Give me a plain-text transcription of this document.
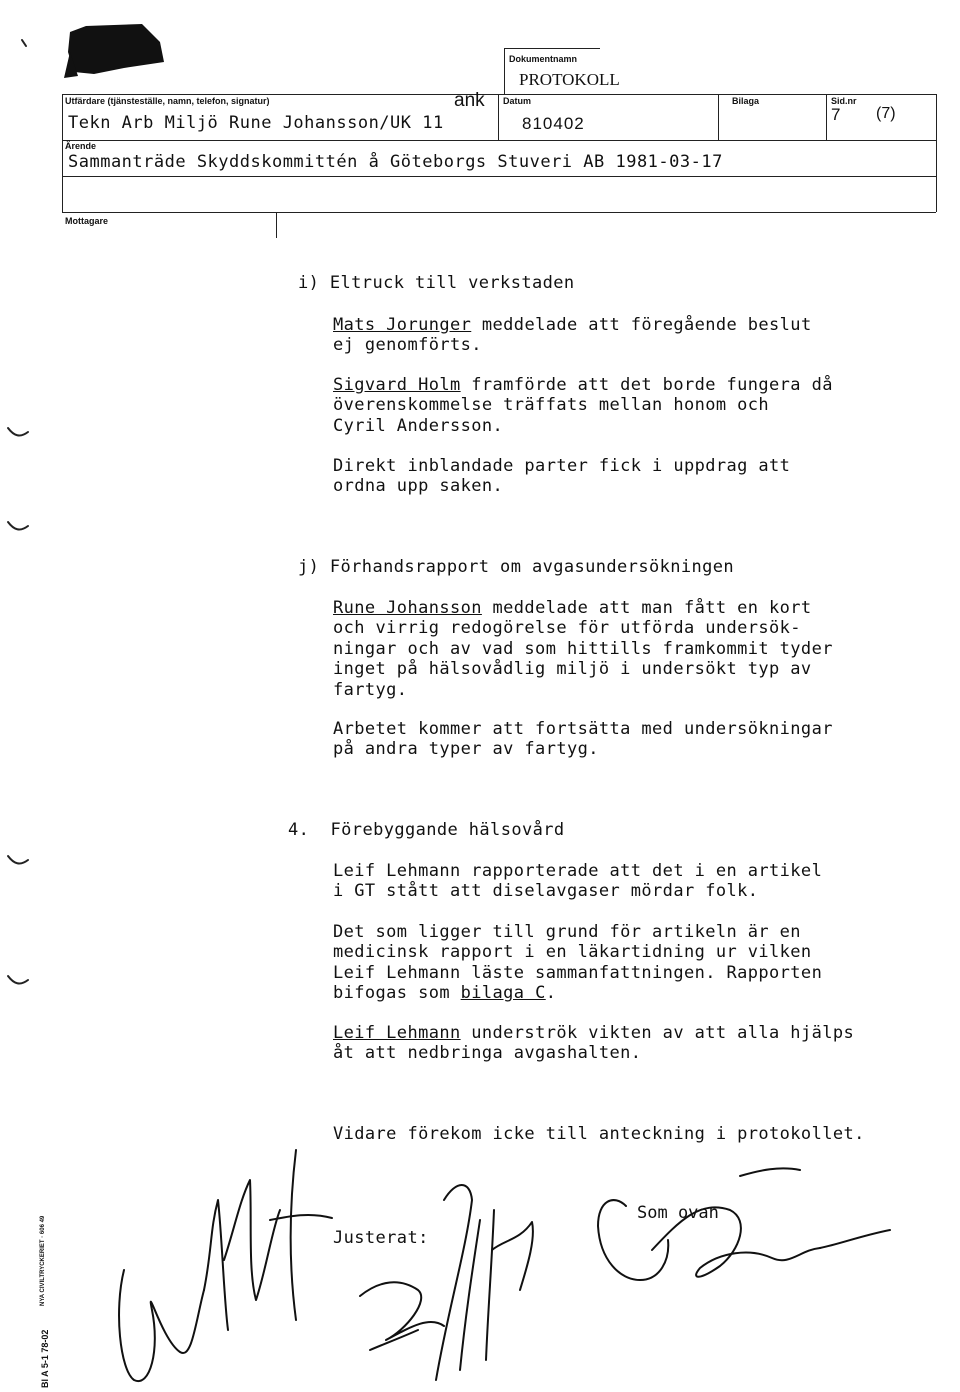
Dokumentnamn
PROTOKOLL
Utfärdare (tjänsteställe, namn, telefon, signatur)	ank
Tekn Arb Miljö Rune Johansson/UK 11
Datum
810402
Bilaga	Sid.nr
7 (7)
Ärende
Sammanträde Skyddskommittén å Göteborgs Stuveri AB 1981-03-17
Mottagare
i) Eltruck till verkstaden
Mats Jorunger meddelade att föregående beslut
ej genomförts.
Sigvard Holm framförde att det borde fungera då
överenskommelse träffats mellan honom och
Cyril Andersson.
Direkt inblandade parter fick i uppdrag att
ordna upp saken.
j) Förhandsrapport om avgasundersökningen
Rune Johansson meddelade att man fått en kort
och virrig redogörelse för utförda undersök-
ningar och av vad som hittills framkommit tyder
inget på hälsovådlig miljö i undersökt typ av
fartyg.
Arbetet kommer att fortsätta med undersökningar
på andra typer av fartyg.
4.  Förebyggande hälsovård
Leif Lehmann rapporterade att det i en artikel
i GT stått att diselavgaser mördar folk.
Det som ligger till grund för artikeln är en
medicinsk rapport i en läkartidning ur vilken
Leif Lehmann läste sammanfattningen. Rapporten
bifogas som bilaga C.
Leif Lehmann underströk vikten av att alla hjälps
åt att nedbringa avgashalten.
Vidare förekom icke till anteckning i protokollet.
Justerat:
Som ovan
Bl A 5-1 78-02
NYA CIVILTRYCKERIET · 606 49
